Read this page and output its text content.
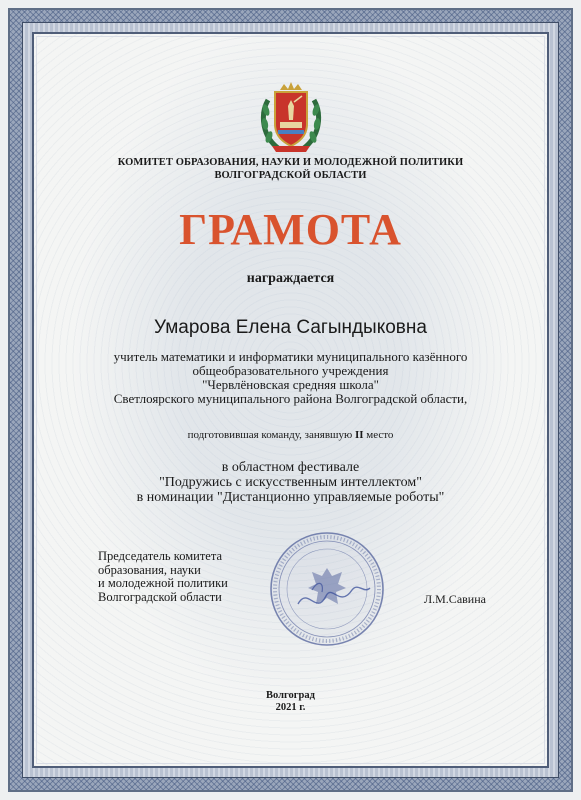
КОМИТЕТ ОБРАЗОВАНИЯ, НАУКИ И МОЛОДЕЖНОЙ ПОЛИТИКИ
ВОЛГОГРАДСКОЙ ОБЛАСТИ
ГРАМОТА
награждается
Умарова Елена Сагындыковна
учитель математики и информатики муниципального казённого
общеобразовательного учреждения
"Червлёновская средняя школа"
Светлоярского муниципального района Волгоградской области,
подготовившая команду, занявшую II место
в областном фестивале
"Подружись с искусственным интеллектом"
в номинации "Дистанционно управляемые роботы"
Председатель комитета
образования, науки
и молодежной политики
Волгоградской области	Л.М.Савина
Волгоград
2021 г.
